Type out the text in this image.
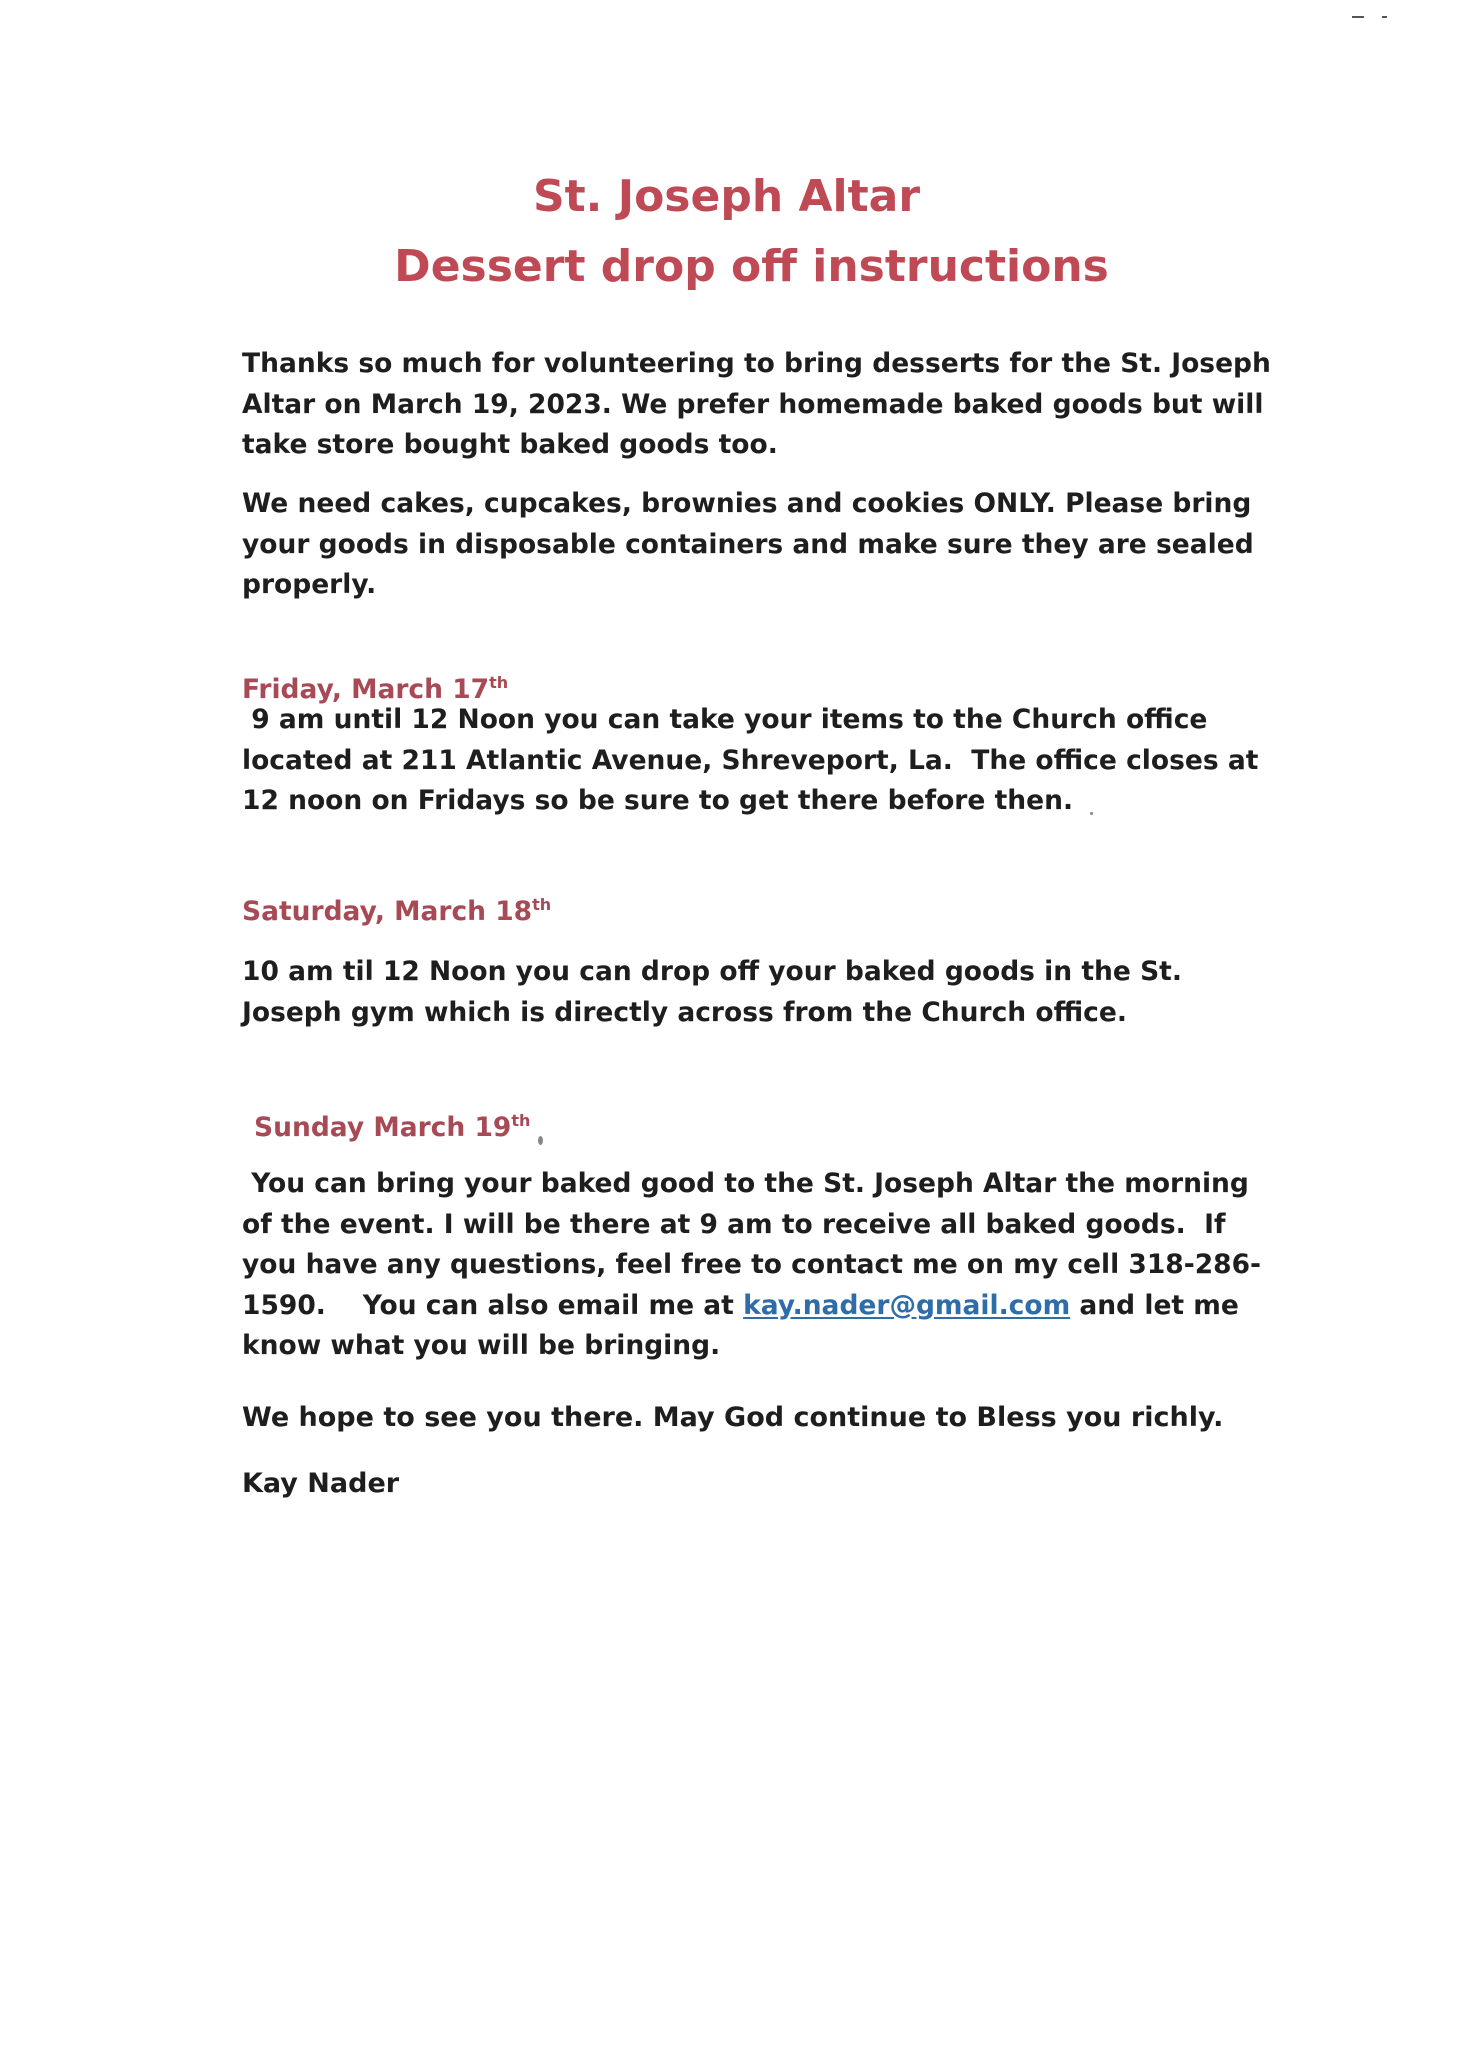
St. Joseph Altar
Dessert drop off instructions

Thanks so much for volunteering to bring desserts for the St. Joseph Altar on March 19, 2023. We prefer homemade baked goods but will take store bought baked goods too.

We need cakes, cupcakes, brownies and cookies ONLY. Please bring your goods in disposable containers and make sure they are sealed properly.

Friday, March 17th

9 am until 12 Noon you can take your items to the Church office located at 211 Atlantic Avenue, Shreveport, La.  The office closes at 12 noon on Fridays so be sure to get there before then.

Saturday, March 18th

10 am til 12 Noon you can drop off your baked goods in the St. Joseph gym which is directly across from the Church office.

Sunday March 19th

You can bring your baked good to the St. Joseph Altar the morning of the event. I will be there at 9 am to receive all baked goods.  If you have any questions, feel free to contact me on my cell 318-286-1590.    You can also email me at kay.nader@gmail.com and let me know what you will be bringing.

We hope to see you there. May God continue to Bless you richly.

Kay Nader
